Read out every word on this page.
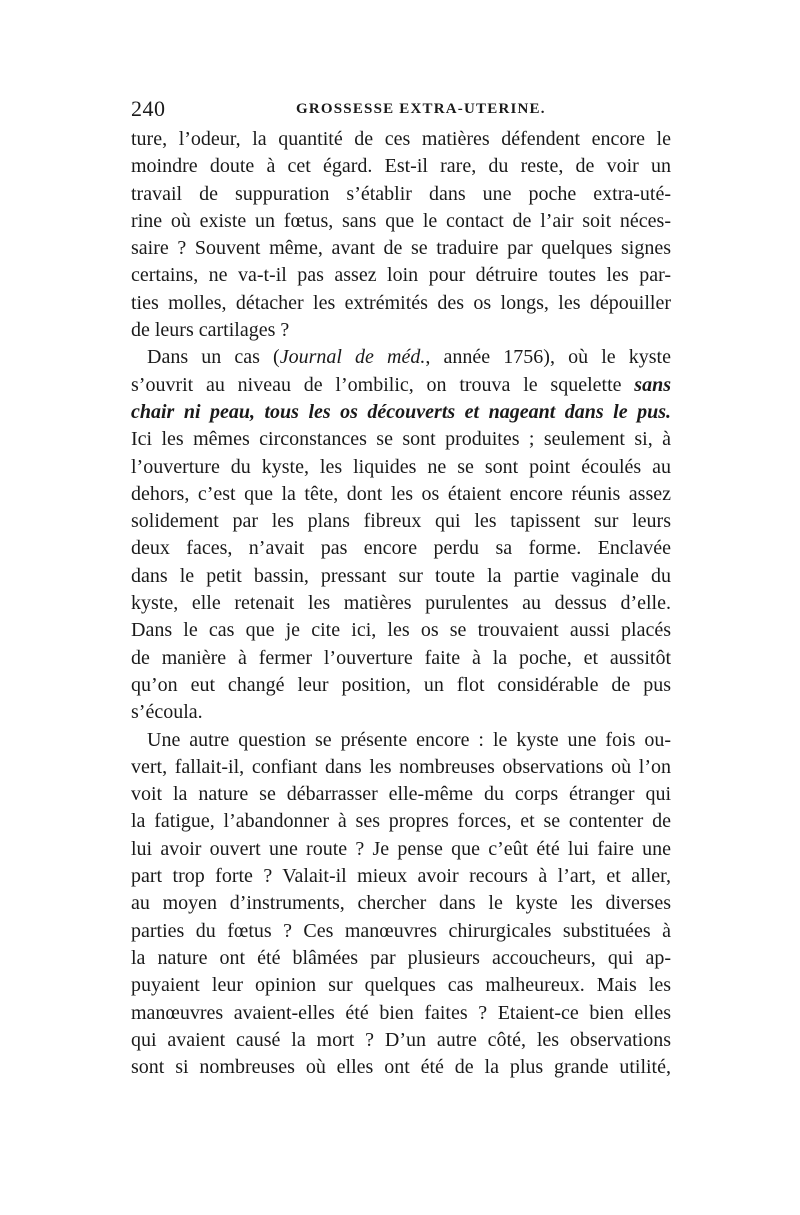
240	GROSSESSE EXTRA-UTERINE.
ture, l’odeur, la quantité de ces matières défendent encore le
moindre doute à cet égard. Est-il rare, du reste, de voir un
travail de suppuration s’établir dans une poche extra-uté-
rine où existe un fœtus, sans que le contact de l’air soit néces-
saire ? Souvent même, avant de se traduire par quelques signes
certains, ne va-t-il pas assez loin pour détruire toutes les par-
ties molles, détacher les extrémités des os longs, les dépouiller
de leurs cartilages ?
Dans un cas (Journal de méd., année 1756), où le kyste
s’ouvrit au niveau de l’ombilic, on trouva le squelette sans
chair ni peau, tous les os découverts et nageant dans le pus.
Ici les mêmes circonstances se sont produites ; seulement si, à
l’ouverture du kyste, les liquides ne se sont point écoulés au
dehors, c’est que la tête, dont les os étaient encore réunis assez
solidement par les plans fibreux qui les tapissent sur leurs
deux faces, n’avait pas encore perdu sa forme. Enclavée
dans le petit bassin, pressant sur toute la partie vaginale du
kyste, elle retenait les matières purulentes au dessus d’elle.
Dans le cas que je cite ici, les os se trouvaient aussi placés
de manière à fermer l’ouverture faite à la poche, et aussitôt
qu’on eut changé leur position, un flot considérable de pus
s’écoula.
Une autre question se présente encore : le kyste une fois ou-
vert, fallait-il, confiant dans les nombreuses observations où l’on
voit la nature se débarrasser elle-même du corps étranger qui
la fatigue, l’abandonner à ses propres forces, et se contenter de
lui avoir ouvert une route ? Je pense que c’eût été lui faire une
part trop forte ? Valait-il mieux avoir recours à l’art, et aller,
au moyen d’instruments, chercher dans le kyste les diverses
parties du fœtus ? Ces manœuvres chirurgicales substituées à
la nature ont été blâmées par plusieurs accoucheurs, qui ap-
puyaient leur opinion sur quelques cas malheureux. Mais les
manœuvres avaient-elles été bien faites ? Etaient-ce bien elles
qui avaient causé la mort ? D’un autre côté, les observations
sont si nombreuses où elles ont été de la plus grande utilité,
